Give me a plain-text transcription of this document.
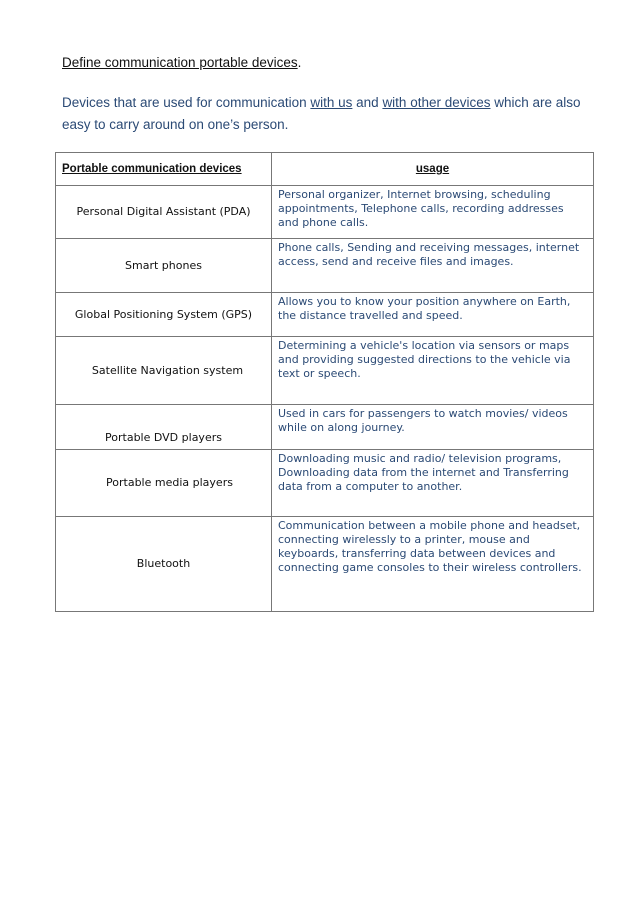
Define communication portable devices.
Devices that are used for communication with us and with other devices which are also easy to carry around on one’s person.
Portable communication devices	usage
Personal Digital Assistant (PDA)	Personal organizer, Internet browsing, scheduling appointments, Telephone calls, recording addresses and phone calls.
Smart phones	Phone calls, Sending and receiving messages, internet access, send and receive files and images.
Global Positioning System (GPS)	Allows you to know your position anywhere on Earth, the distance travelled and speed.
Satellite Navigation system	Determining a vehicle's location via sensors or maps and providing suggested directions to the vehicle via text or speech.
Portable DVD players	Used in cars for passengers to watch movies/ videos while on along journey.
Portable media players	Downloading music and radio/ television programs, Downloading data from the internet and Transferring data from a computer to another.
Bluetooth	Communication between a mobile phone and headset, connecting wirelessly to a printer, mouse and keyboards, transferring data between devices and connecting game consoles to their wireless controllers.
